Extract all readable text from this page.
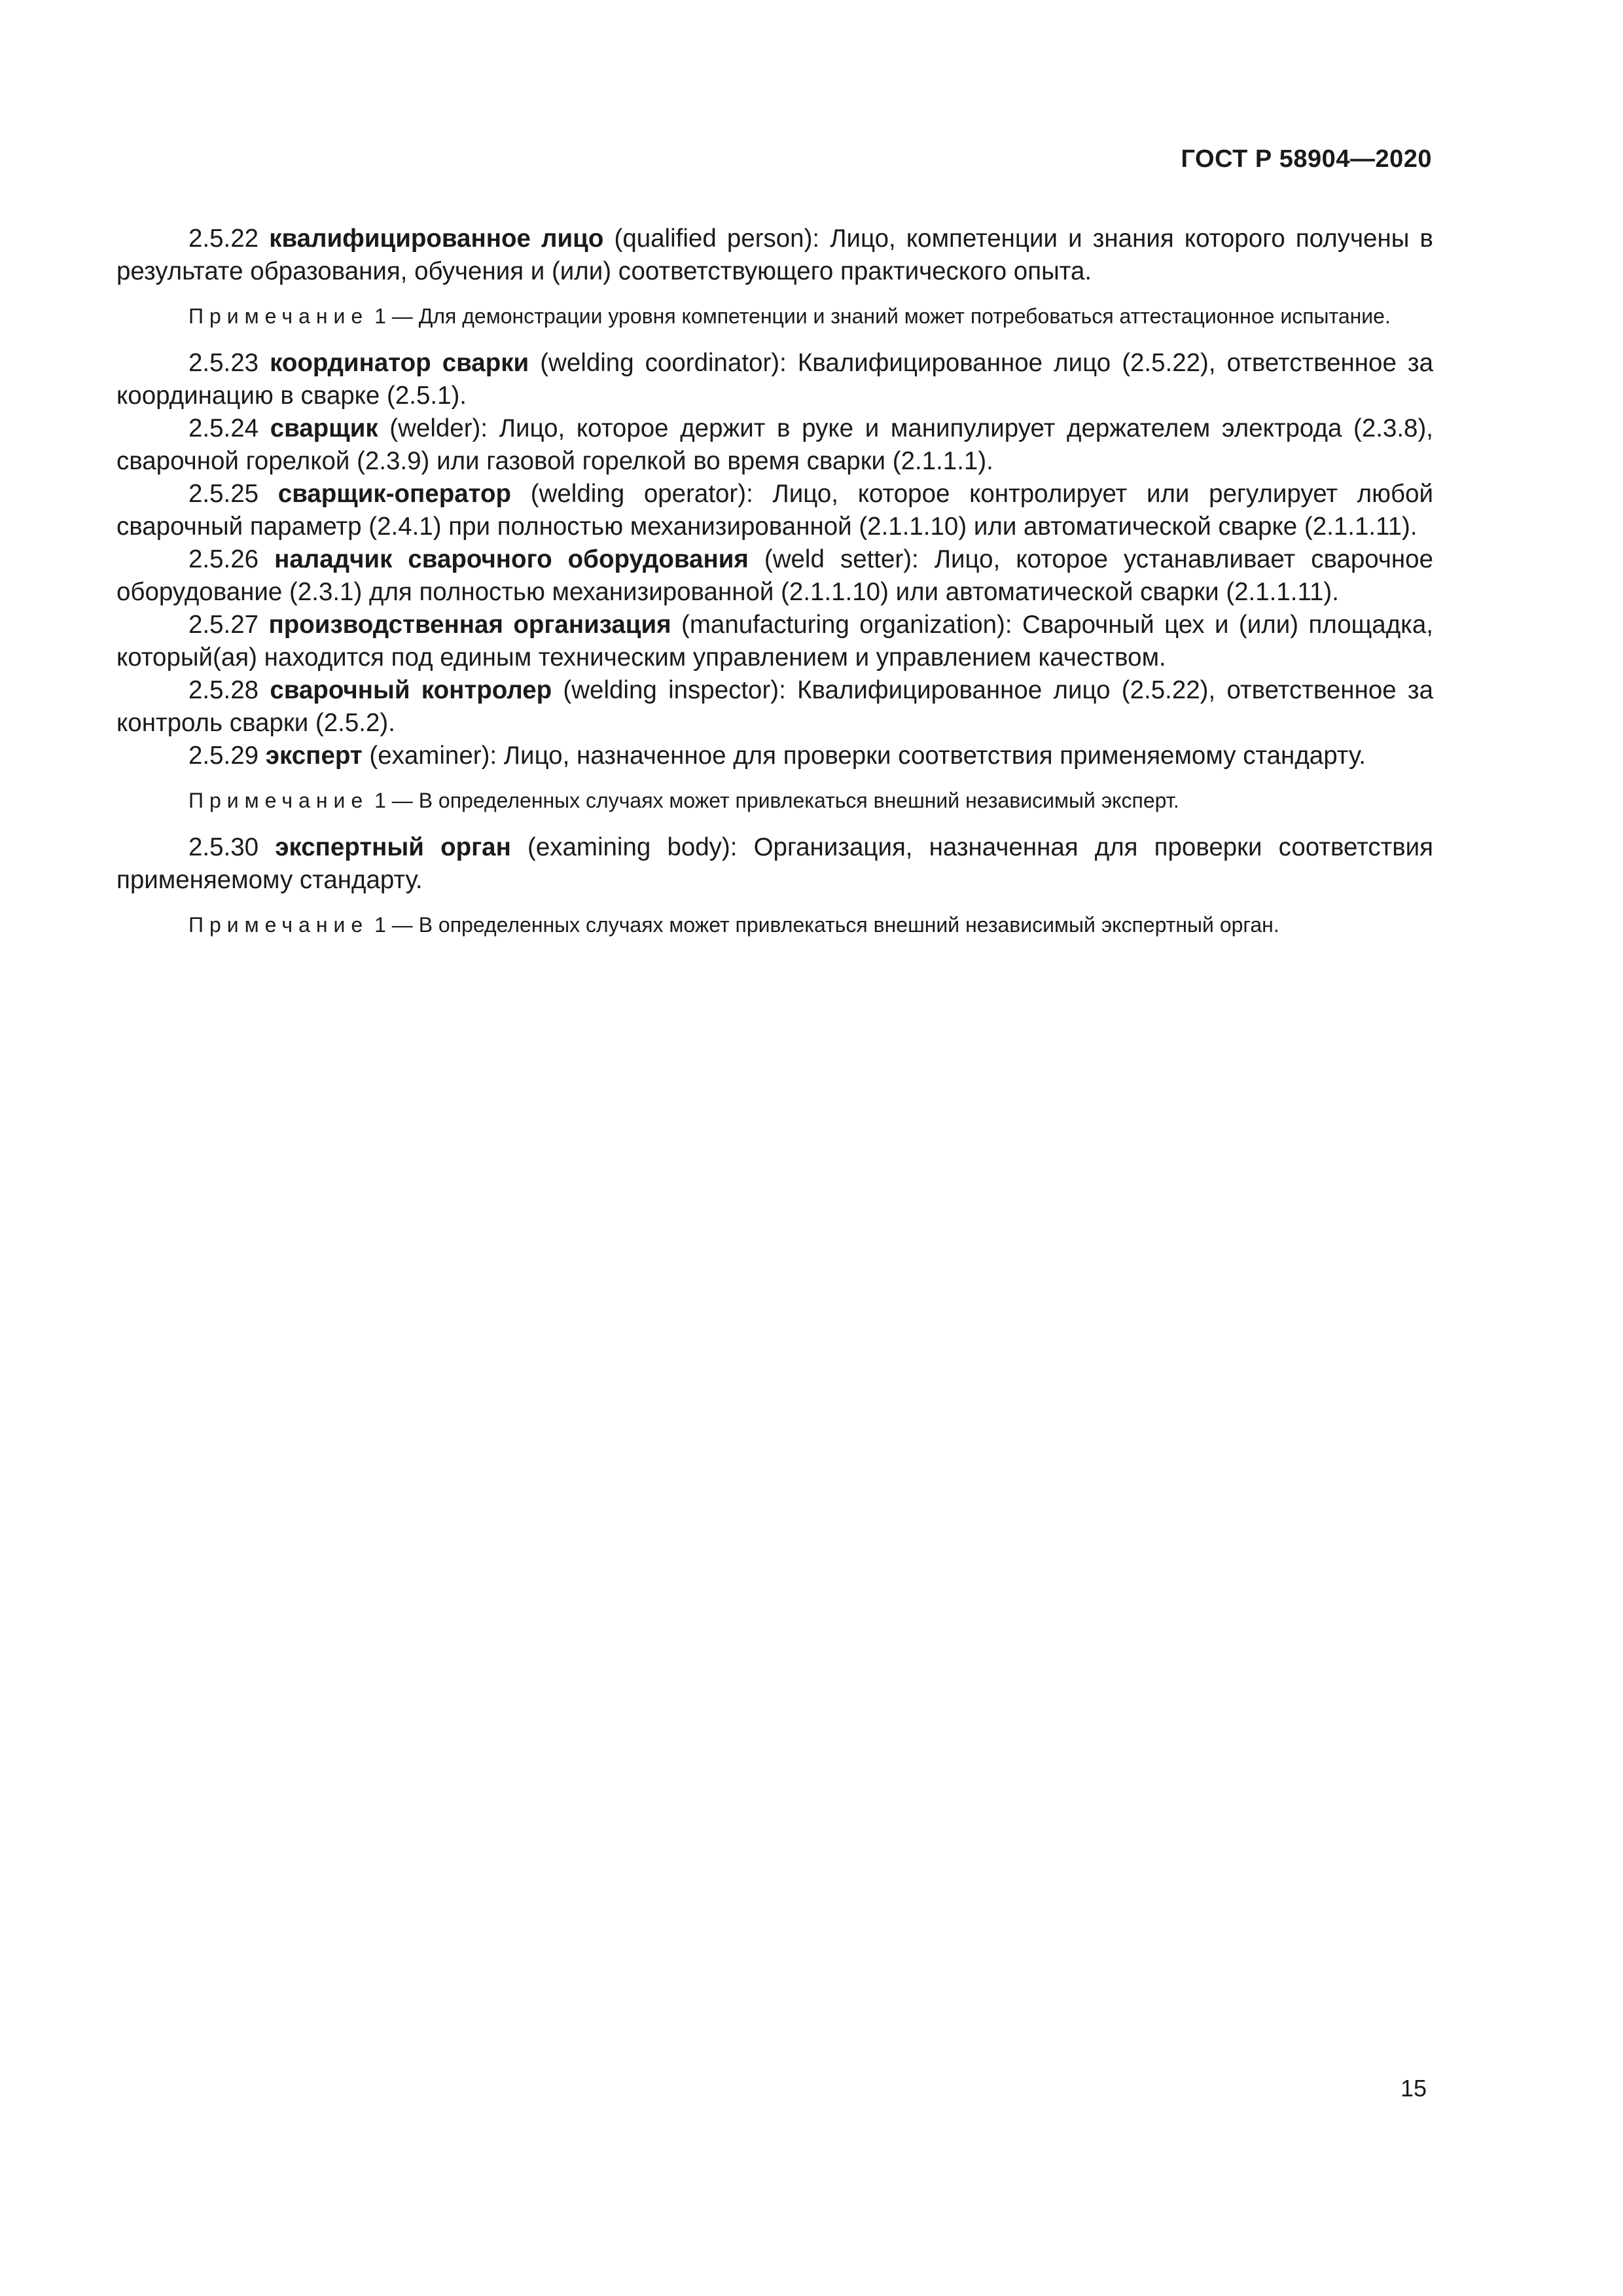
ГОСТ Р 58904—2020

2.5.22 квалифицированное лицо (qualified person): Лицо, компетенции и знания которого получены в результате образования, обучения и (или) соответствующего практического опыта.

Примечание 1 — Для демонстрации уровня компетенции и знаний может потребоваться аттестационное испытание.

2.5.23 координатор сварки (welding coordinator): Квалифицированное лицо (2.5.22), ответственное за координацию в сварке (2.5.1).

2.5.24 сварщик (welder): Лицо, которое держит в руке и манипулирует держателем электрода (2.3.8), сварочной горелкой (2.3.9) или газовой горелкой во время сварки (2.1.1.1).

2.5.25 сварщик-оператор (welding operator): Лицо, которое контролирует или регулирует любой сварочный параметр (2.4.1) при полностью механизированной (2.1.1.10) или автоматической сварке (2.1.1.11).

2.5.26 наладчик сварочного оборудования (weld setter): Лицо, которое устанавливает сварочное оборудование (2.3.1) для полностью механизированной (2.1.1.10) или автоматической сварки (2.1.1.11).

2.5.27 производственная организация (manufacturing organization): Сварочный цех и (или) площадка, который(ая) находится под единым техническим управлением и управлением качеством.

2.5.28 сварочный контролер (welding inspector): Квалифицированное лицо (2.5.22), ответственное за контроль сварки (2.5.2).

2.5.29 эксперт (examiner): Лицо, назначенное для проверки соответствия применяемому стандарту.

Примечание 1 — В определенных случаях может привлекаться внешний независимый эксперт.

2.5.30 экспертный орган (examining body): Организация, назначенная для проверки соответствия применяемому стандарту.

Примечание 1 — В определенных случаях может привлекаться внешний независимый экспертный орган.

15
